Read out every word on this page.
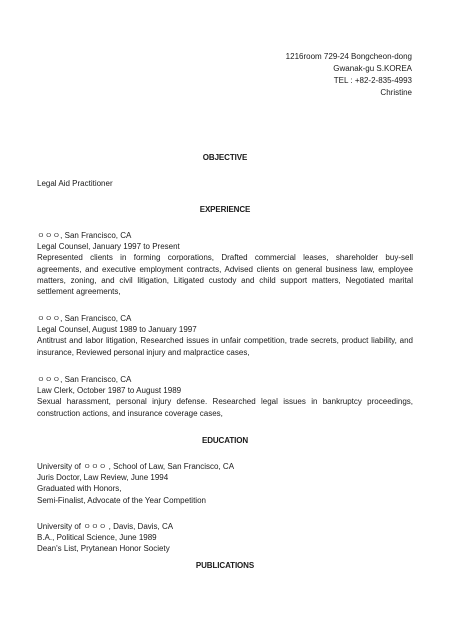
1216room 729-24 Bongcheon-dong
Gwanak-gu S.KOREA
TEL : +82-2-835-4993
Christine
OBJECTIVE
Legal Aid Practitioner
EXPERIENCE
ㅇㅇㅇ, San Francisco, CA
Legal Counsel, January 1997 to Present
Represented clients in forming corporations, Drafted commercial leases, shareholder buy-sell agreements, and executive employment contracts, Advised clients on general business law, employee matters, zoning, and civil litigation, Litigated custody and child support matters, Negotiated marital settlement agreements,
ㅇㅇㅇ, San Francisco, CA
Legal Counsel, August 1989 to January 1997
Antitrust and labor litigation, Researched issues in unfair competition, trade secrets, product liability, and insurance, Reviewed personal injury and malpractice cases,
ㅇㅇㅇ, San Francisco, CA
Law Clerk, October 1987 to August 1989
Sexual harassment, personal injury defense. Researched legal issues in bankruptcy proceedings, construction actions, and insurance coverage cases,
EDUCATION
University of ㅇㅇㅇ , School of Law, San Francisco, CA
Juris Doctor, Law Review, June 1994
Graduated with Honors,
Semi-Finalist, Advocate of the Year Competition
University of ㅇㅇㅇ , Davis, Davis, CA
B.A., Political Science, June 1989
Dean's List, Prytanean Honor Society
PUBLICATIONS
